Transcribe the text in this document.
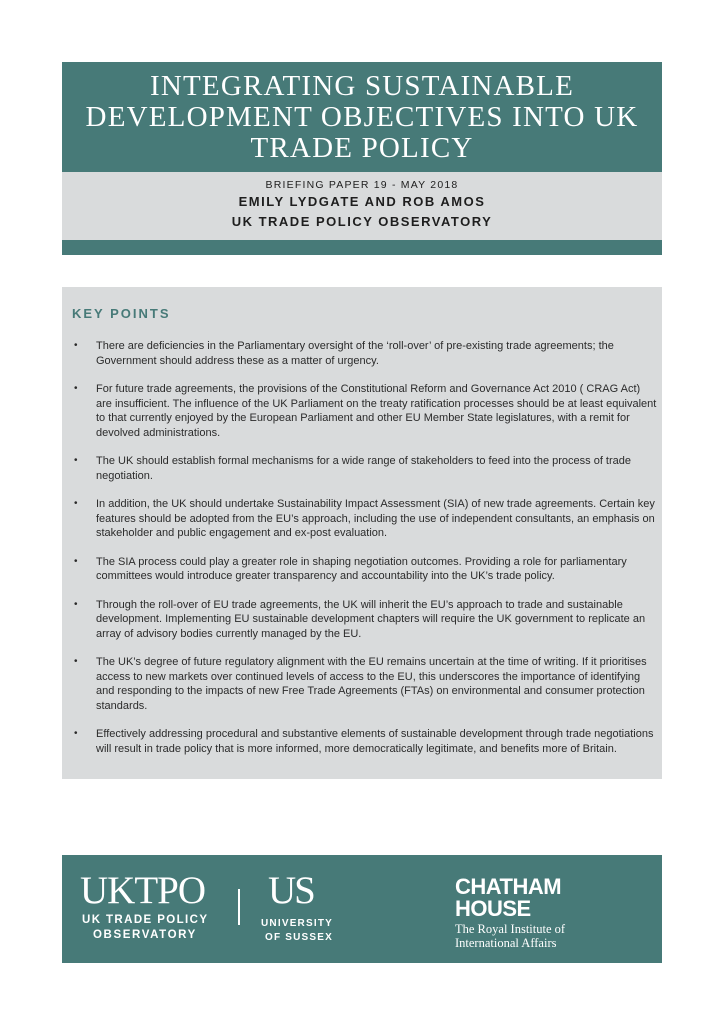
INTEGRATING SUSTAINABLE
DEVELOPMENT OBJECTIVES INTO UK
TRADE POLICY
BRIEFING PAPER 19 - MAY 2018
EMILY LYDGATE AND ROB AMOS
UK TRADE POLICY OBSERVATORY
KEY POINTS
• There are deficiencies in the Parliamentary oversight of the ‘roll-over’ of pre-existing trade agreements; the Government should address these as a matter of urgency.
• For future trade agreements, the provisions of the Constitutional Reform and Governance Act 2010 ( CRAG Act) are insufficient. The influence of the UK Parliament on the treaty ratification processes should be at least equivalent to that currently enjoyed by the European Parliament and other EU Member State legislatures, with a remit for devolved administrations.
• The UK should establish formal mechanisms for a wide range of stakeholders to feed into the process of trade negotiation.
• In addition, the UK should undertake Sustainability Impact Assessment (SIA) of new trade agreements. Certain key features should be adopted from the EU’s approach, including the use of independent consultants, an emphasis on stakeholder and public engagement and ex-post evaluation.
• The SIA process could play a greater role in shaping negotiation outcomes. Providing a role for parliamentary committees would introduce greater transparency and accountability into the UK’s trade policy.
• Through the roll-over of EU trade agreements, the UK will inherit the EU’s approach to trade and sustainable development. Implementing EU sustainable development chapters will require the UK government to replicate an array of advisory bodies currently managed by the EU.
• The UK’s degree of future regulatory alignment with the EU remains uncertain at the time of writing. If it prioritises access to new markets over continued levels of access to the EU, this underscores the importance of identifying and responding to the impacts of new Free Trade Agreements (FTAs) on environmental and consumer protection standards.
• Effectively addressing procedural and substantive elements of sustainable development through trade negotiations will result in trade policy that is more informed, more democratically legitimate, and benefits more of Britain.
UKTPO
UK TRADE POLICY
OBSERVATORY
US
UNIVERSITY
OF SUSSEX
CHATHAM
HOUSE
The Royal Institute of
International Affairs
